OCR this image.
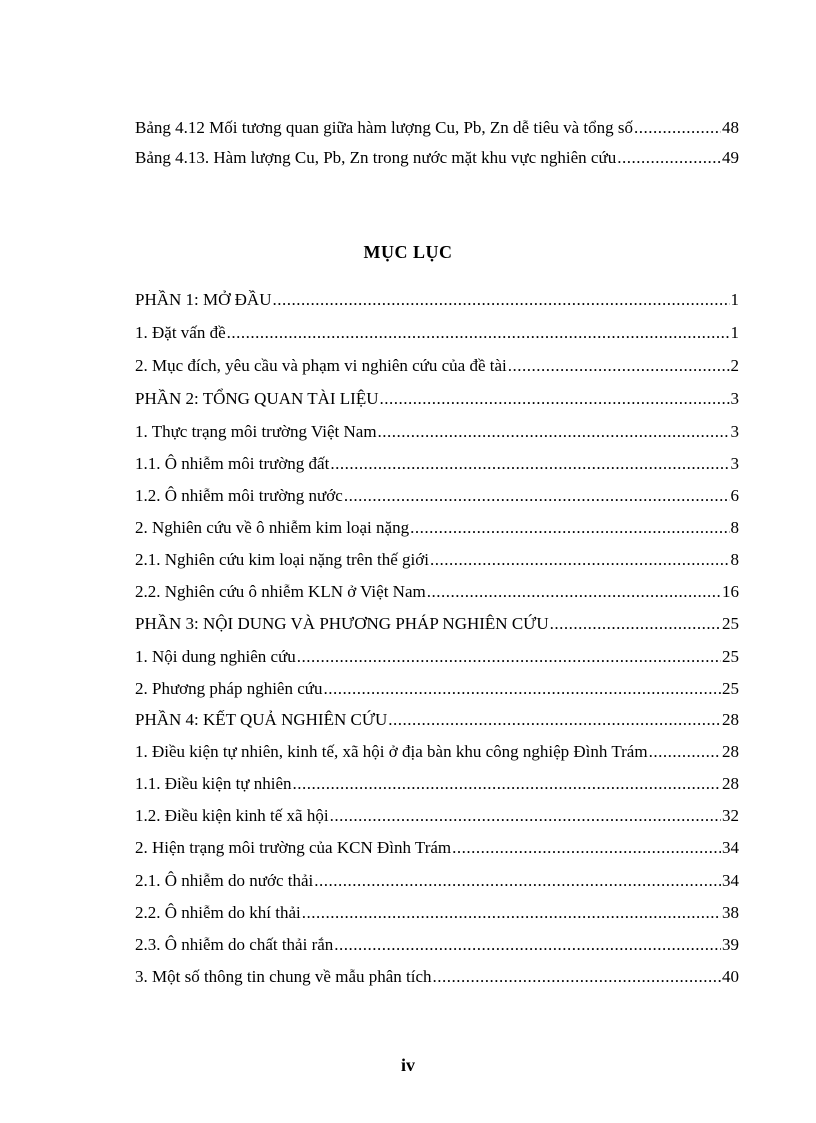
Bảng 4.12 Mối tương quan giữa hàm lượng Cu, Pb, Zn dễ tiêu và tổng số .....	48
Bảng 4.13. Hàm lượng Cu, Pb, Zn trong nước mặt khu vực nghiên cứu .....	49
MỤC LỤC
PHẦN 1: MỞ ĐẦU .....	1
1. Đặt vấn đề .....	1
2. Mục đích, yêu cầu và phạm vi nghiên cứu của đề tài .....	2
PHẦN 2: TỔNG QUAN TÀI LIỆU .....	3
1. Thực trạng môi trường Việt Nam .....	3
1.1. Ô nhiễm môi trường đất .....	3
1.2. Ô nhiễm môi trường nước .....	6
2. Nghiên cứu về ô nhiễm kim loại nặng .....	8
2.1. Nghiên cứu kim loại nặng trên thế giới .....	8
2.2. Nghiên cứu ô nhiễm KLN ở Việt Nam .....	16
PHẦN 3: NỘI DUNG VÀ PHƯƠNG PHÁP NGHIÊN CỨU .....	25
1. Nội dung nghiên cứu .....	25
2. Phương pháp nghiên cứu .....	25
PHẦN 4: KẾT QUẢ NGHIÊN CỨU .....	28
1. Điều kiện tự nhiên, kinh tế, xã hội ở địa bàn khu công nghiệp Đình Trám .....	28
1.1. Điều kiện tự nhiên .....	28
1.2. Điều kiện kinh tế xã hội .....	32
2. Hiện trạng môi trường của KCN Đình Trám .....	34
2.1. Ô nhiễm do nước thải .....	34
2.2. Ô nhiễm do khí thải .....	38
2.3. Ô nhiễm do chất thải rắn .....	39
3. Một số thông tin chung về mẫu phân tích .....	40
iv
